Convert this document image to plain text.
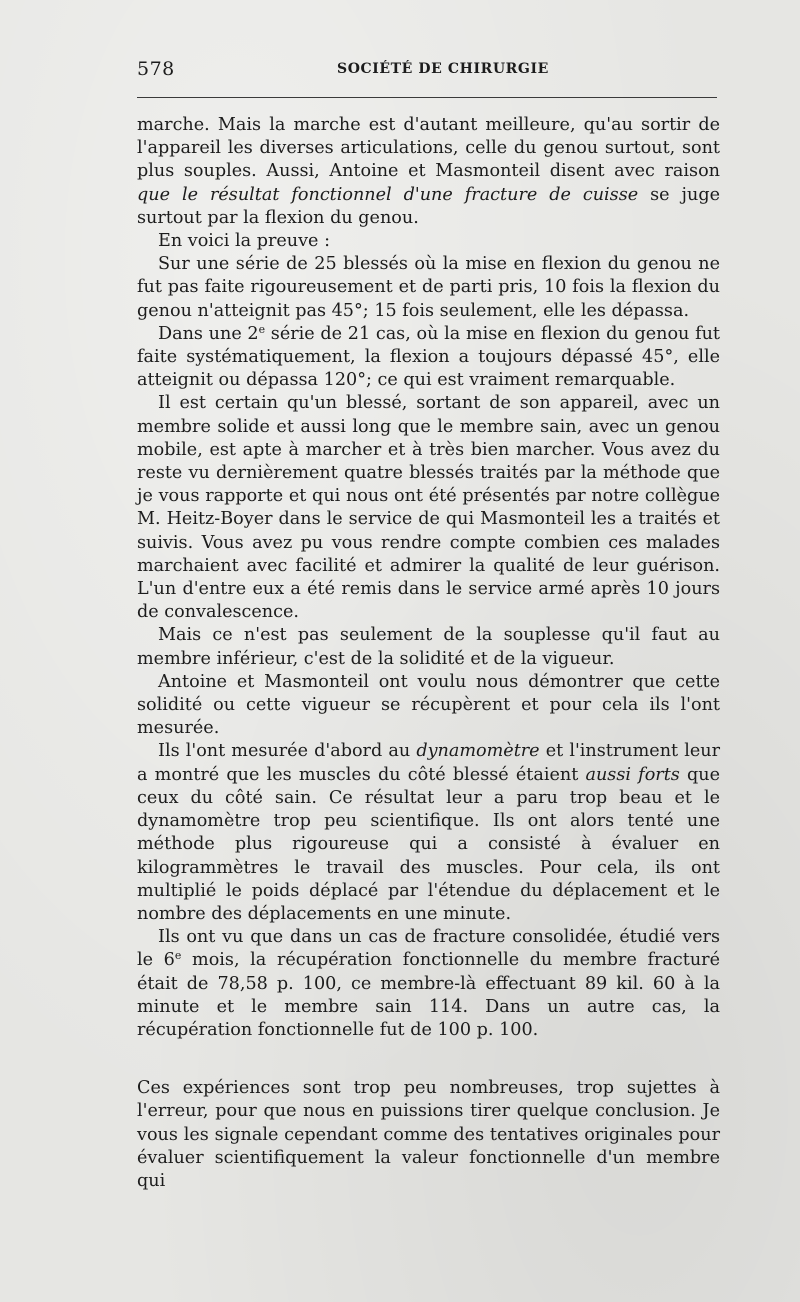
578	SOCIÉTÉ DE CHIRURGIE

marche. Mais la marche est d'autant meilleure, qu'au sortir de l'appareil les diverses articulations, celle du genou surtout, sont plus souples. Aussi, Antoine et Masmonteil disent avec raison que le résultat fonctionnel d'une fracture de cuisse se juge surtout par la flexion du genou.

En voici la preuve :

Sur une série de 25 blessés où la mise en flexion du genou ne fut pas faite rigoureusement et de parti pris, 10 fois la flexion du genou n'atteignit pas 45°; 15 fois seulement, elle les dépassa.

Dans une 2e série de 21 cas, où la mise en flexion du genou fut faite systématiquement, la flexion a toujours dépassé 45°, elle atteignit ou dépassa 120°; ce qui est vraiment remarquable.

Il est certain qu'un blessé, sortant de son appareil, avec un membre solide et aussi long que le membre sain, avec un genou mobile, est apte à marcher et à très bien marcher. Vous avez du reste vu dernièrement quatre blessés traités par la méthode que je vous rapporte et qui nous ont été présentés par notre collègue M. Heitz-Boyer dans le service de qui Masmonteil les a traités et suivis. Vous avez pu vous rendre compte combien ces malades marchaient avec facilité et admirer la qualité de leur guérison. L'un d'entre eux a été remis dans le service armé après 10 jours de convalescence.

Mais ce n'est pas seulement de la souplesse qu'il faut au membre inférieur, c'est de la solidité et de la vigueur.

Antoine et Masmonteil ont voulu nous démontrer que cette solidité ou cette vigueur se récupèrent et pour cela ils l'ont mesurée.

Ils l'ont mesurée d'abord au dynamomètre et l'instrument leur a montré que les muscles du côté blessé étaient aussi forts que ceux du côté sain. Ce résultat leur a paru trop beau et le dynamomètre trop peu scientifique. Ils ont alors tenté une méthode plus rigoureuse qui a consisté à évaluer en kilogrammètres le travail des muscles. Pour cela, ils ont multiplié le poids déplacé par l'étendue du déplacement et le nombre des déplacements en une minute.

Ils ont vu que dans un cas de fracture consolidée, étudié vers le 6e mois, la récupération fonctionnelle du membre fracturé était de 78,58 p. 100, ce membre-là effectuant 89 kil. 60 à la minute et le membre sain 114. Dans un autre cas, la récupération fonctionnelle fut de 100 p. 100.

Ces expériences sont trop peu nombreuses, trop sujettes à l'erreur, pour que nous en puissions tirer quelque conclusion. Je vous les signale cependant comme des tentatives originales pour évaluer scientifiquement la valeur fonctionnelle d'un membre qui
